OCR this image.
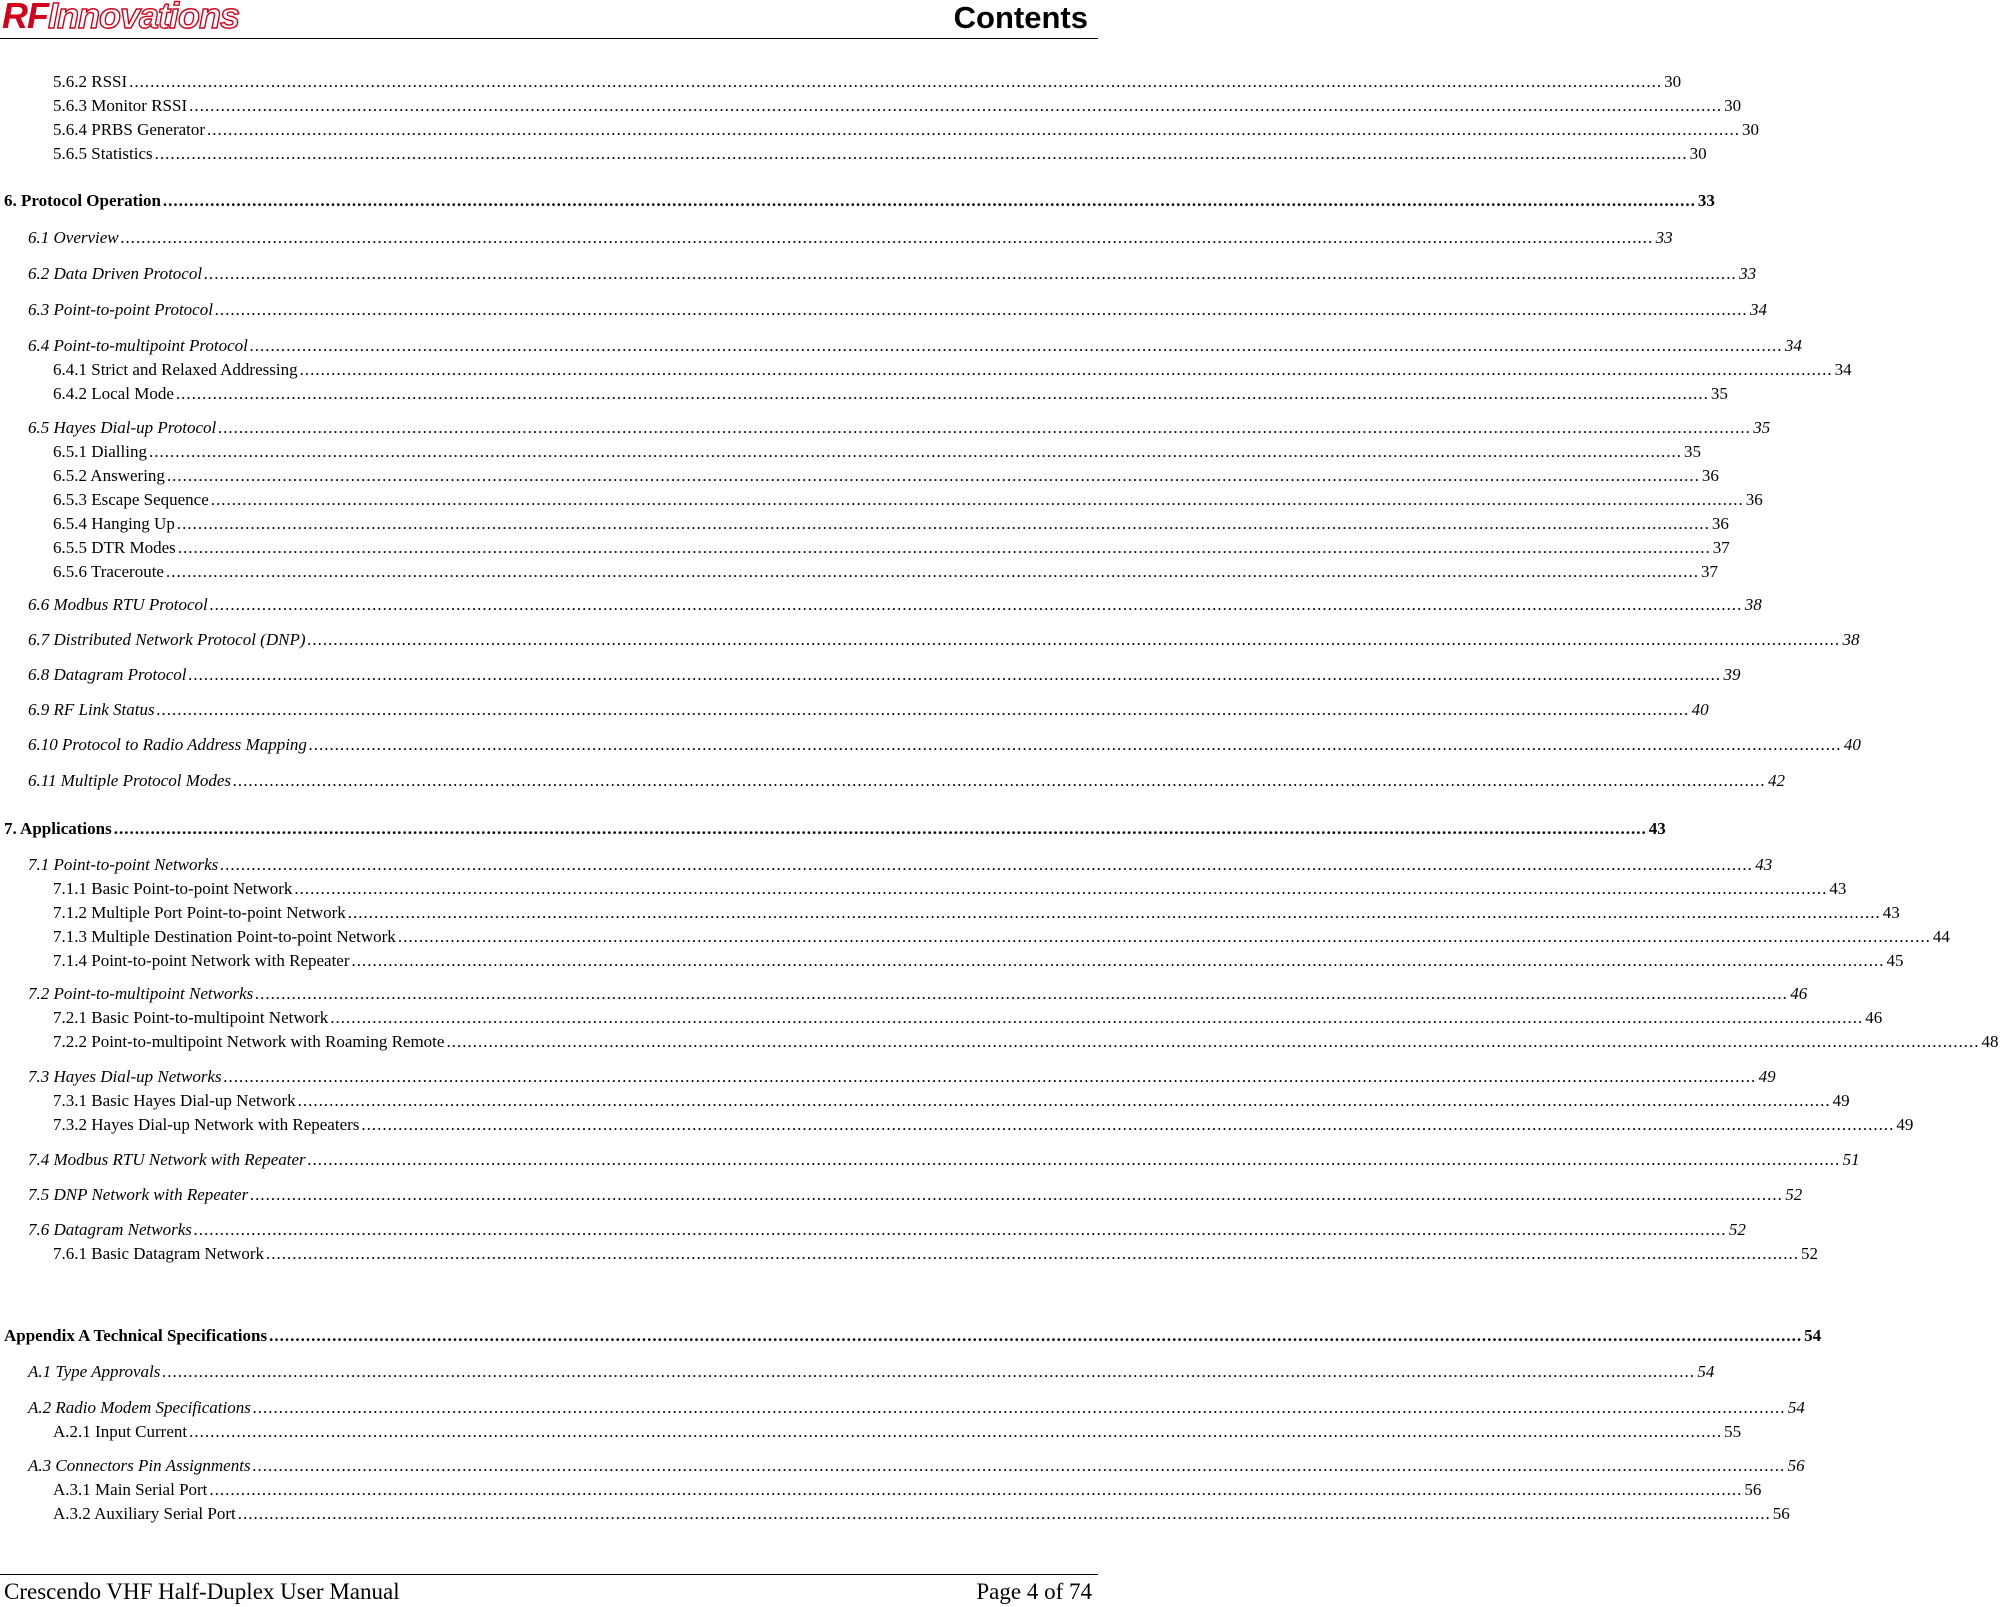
RFInnovations	Contents
5.6.2 RSSI .....	30
5.6.3 Monitor RSSI .....	30
5.6.4 PRBS Generator .....	30
5.6.5 Statistics .....	30
6. Protocol Operation .....	33
6.1 Overview .....	33
6.2 Data Driven Protocol .....	33
6.3 Point-to-point Protocol .....	34
6.4 Point-to-multipoint Protocol .....	34
6.4.1 Strict and Relaxed Addressing .....	34
6.4.2 Local Mode .....	35
6.5 Hayes Dial-up Protocol .....	35
6.5.1 Dialling .....	35
6.5.2 Answering .....	36
6.5.3 Escape Sequence .....	36
6.5.4 Hanging Up .....	36
6.5.5 DTR Modes .....	37
6.5.6 Traceroute .....	37
6.6 Modbus RTU Protocol .....	38
6.7 Distributed Network Protocol (DNP) .....	38
6.8 Datagram Protocol .....	39
6.9 RF Link Status .....	40
6.10 Protocol to Radio Address Mapping .....	40
6.11 Multiple Protocol Modes .....	42
7. Applications .....	43
7.1 Point-to-point Networks .....	43
7.1.1 Basic Point-to-point Network .....	43
7.1.2 Multiple Port Point-to-point Network .....	43
7.1.3 Multiple Destination Point-to-point Network .....	44
7.1.4 Point-to-point Network with Repeater .....	45
7.2 Point-to-multipoint Networks .....	46
7.2.1 Basic Point-to-multipoint Network .....	46
7.2.2 Point-to-multipoint Network with Roaming Remote .....	48
7.3 Hayes Dial-up Networks .....	49
7.3.1 Basic Hayes Dial-up Network .....	49
7.3.2 Hayes Dial-up Network with Repeaters .....	49
7.4 Modbus RTU Network with Repeater .....	51
7.5 DNP Network with Repeater .....	52
7.6 Datagram Networks .....	52
7.6.1 Basic Datagram Network .....	52
Appendix A Technical Specifications .....	54
A.1 Type Approvals .....	54
A.2 Radio Modem Specifications .....	54
A.2.1 Input Current .....	55
A.3 Connectors Pin Assignments .....	56
A.3.1 Main Serial Port .....	56
A.3.2 Auxiliary Serial Port .....	56
Crescendo VHF Half-Duplex User Manual	Page 4 of 74
